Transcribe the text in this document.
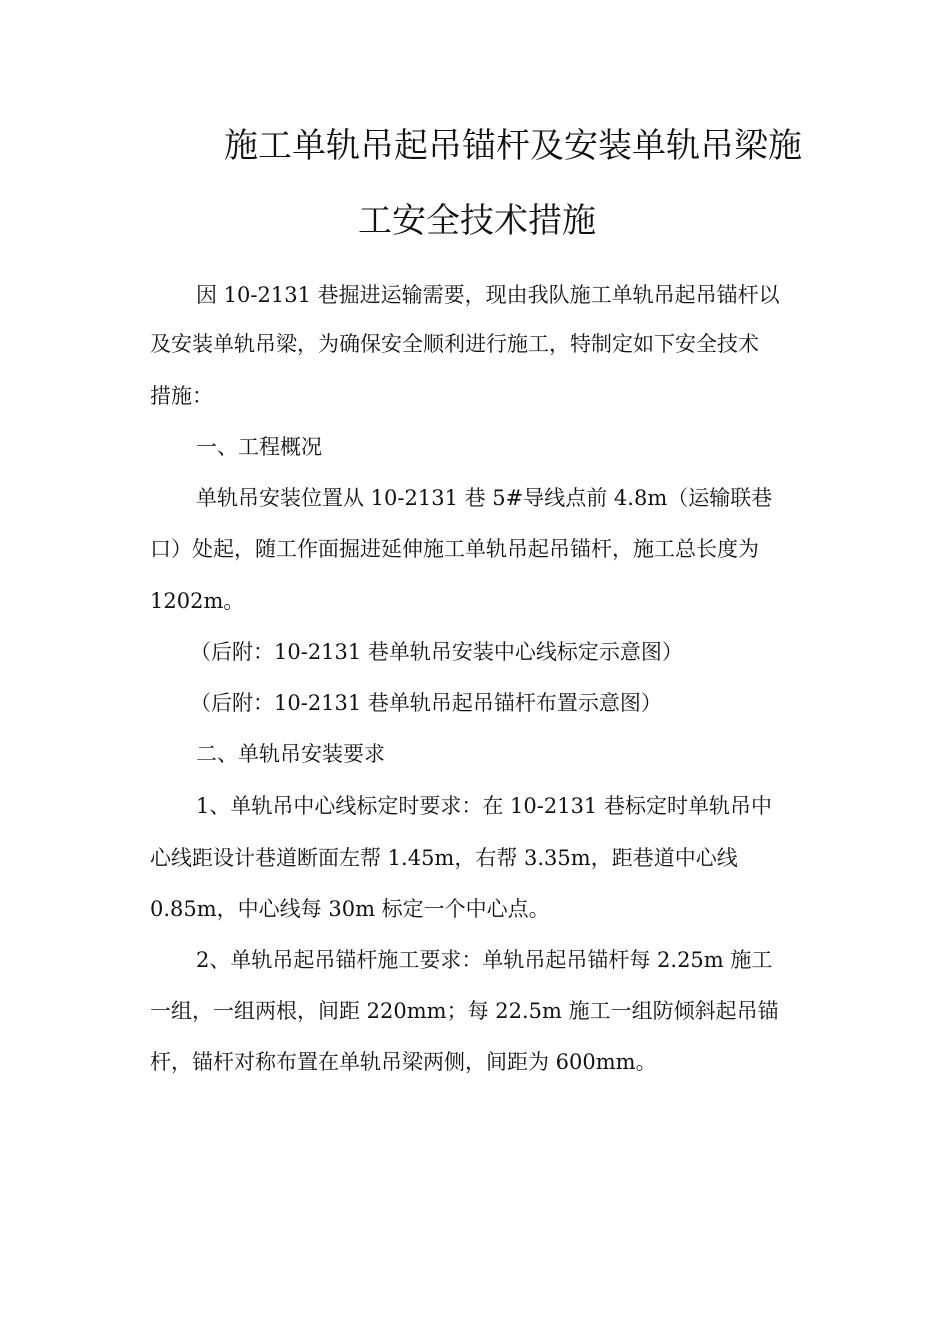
施工单轨吊起吊锚杆及安装单轨吊梁施
工安全技术措施
因 10-2131 巷掘进运输需要，现由我队施工单轨吊起吊锚杆以
及安装单轨吊梁，为确保安全顺利进行施工，特制定如下安全技术
措施：
一、工程概况
单轨吊安装位置从 10-2131 巷 5#导线点前 4.8m（运输联巷
口）处起，随工作面掘进延伸施工单轨吊起吊锚杆，施工总长度为
1202m。
（后附：10-2131 巷单轨吊安装中心线标定示意图）
（后附：10-2131 巷单轨吊起吊锚杆布置示意图）
二、单轨吊安装要求
1、单轨吊中心线标定时要求：在 10-2131 巷标定时单轨吊中
心线距设计巷道断面左帮 1.45m，右帮 3.35m，距巷道中心线
0.85m，中心线每 30m 标定一个中心点。
2、单轨吊起吊锚杆施工要求：单轨吊起吊锚杆每 2.25m 施工
一组，一组两根，间距 220mm；每 22.5m 施工一组防倾斜起吊锚
杆，锚杆对称布置在单轨吊梁两侧，间距为 600mm。
